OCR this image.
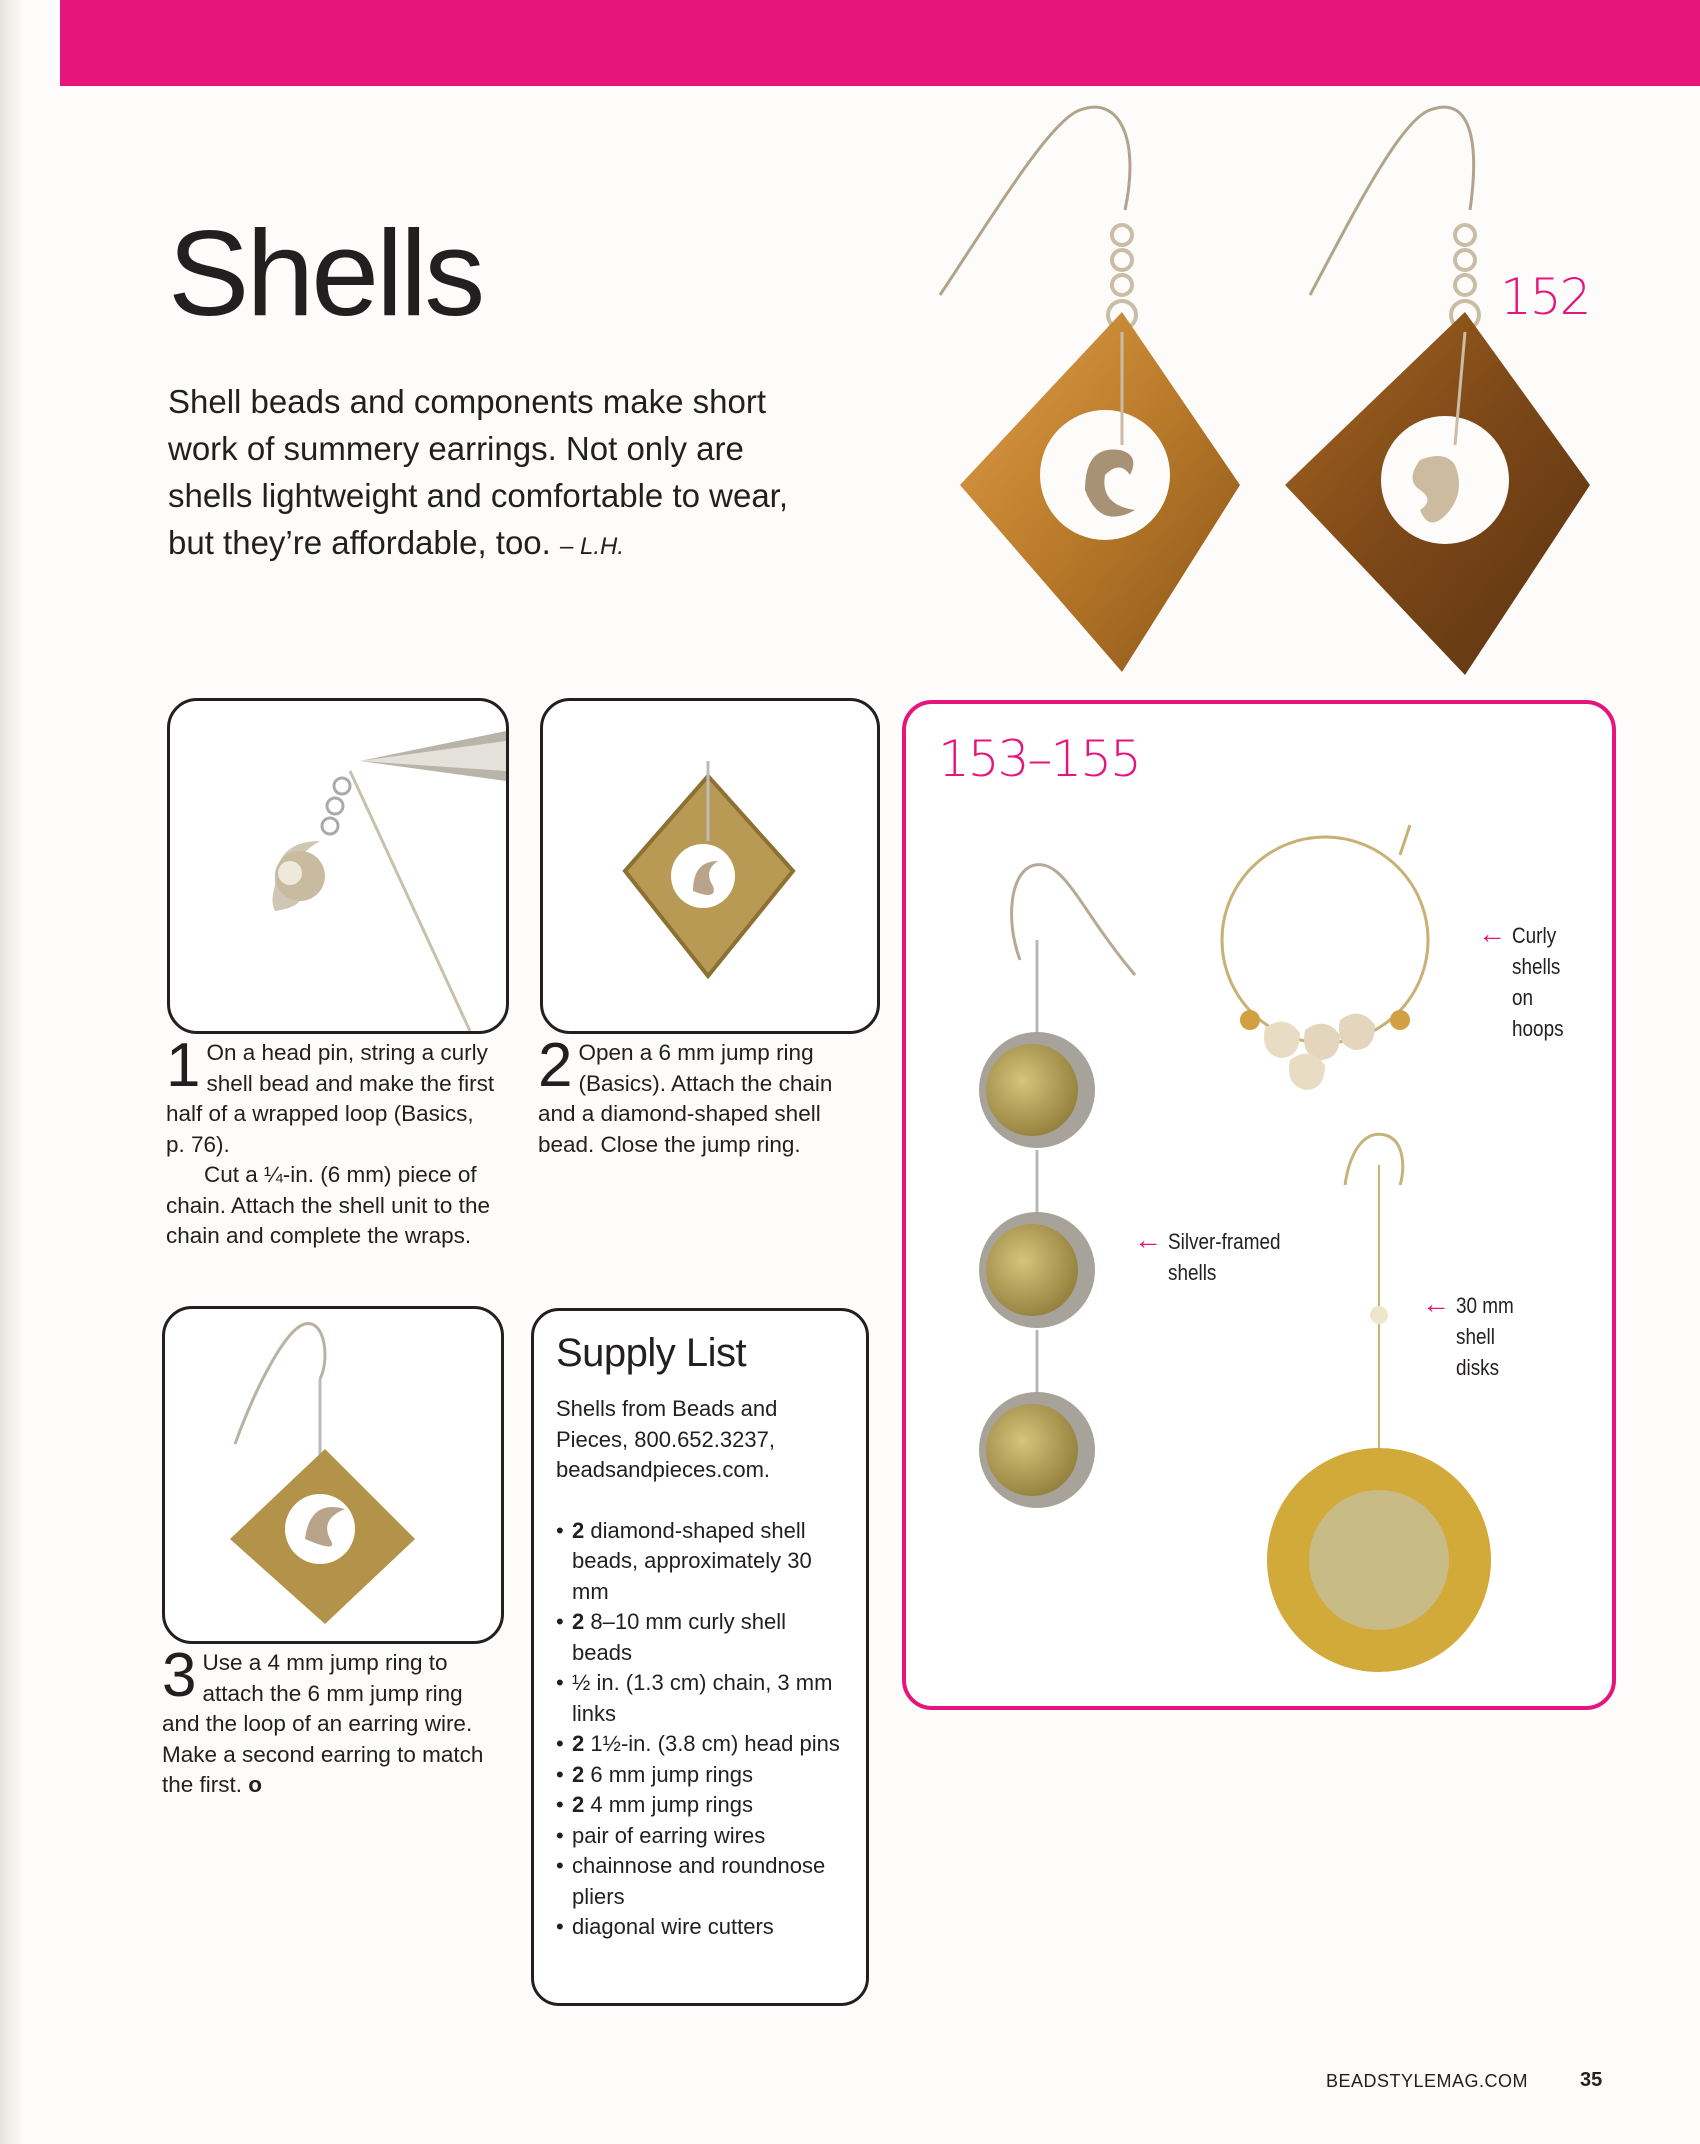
Shells

Shell beads and components make short work of summery earrings. Not only are shells lightweight and comfortable to wear, but they’re affordable, too. – L.H.

152
1 On a head pin, string a curly shell bead and make the first half of a wrapped loop (Basics, p. 76).
Cut a ¼-in. (6 mm) piece of chain. Attach the shell unit to the chain and complete the wraps.
2 Open a 6 mm jump ring (Basics). Attach the chain and a diamond-shaped shell bead. Close the jump ring.
3 Use a 4 mm jump ring to attach the 6 mm jump ring and the loop of an earring wire. Make a second earring to match the first. o
Supply List
Shells from Beads and Pieces, 800.652.3237, beadsandpieces.com.
• 2 diamond-shaped shell beads, approximately 30 mm
• 2 8–10 mm curly shell beads
• ½ in. (1.3 cm) chain, 3 mm links
• 2 1½-in. (3.8 cm) head pins
• 2 6 mm jump rings
• 2 4 mm jump rings
• pair of earring wires
• chainnose and roundnose pliers
• diagonal wire cutters
153–155
← Curly
shells
on
hoops
← Silver-framed
shells
← 30 mm
shell
disks
BEADSTYLEMAG.COM	35
